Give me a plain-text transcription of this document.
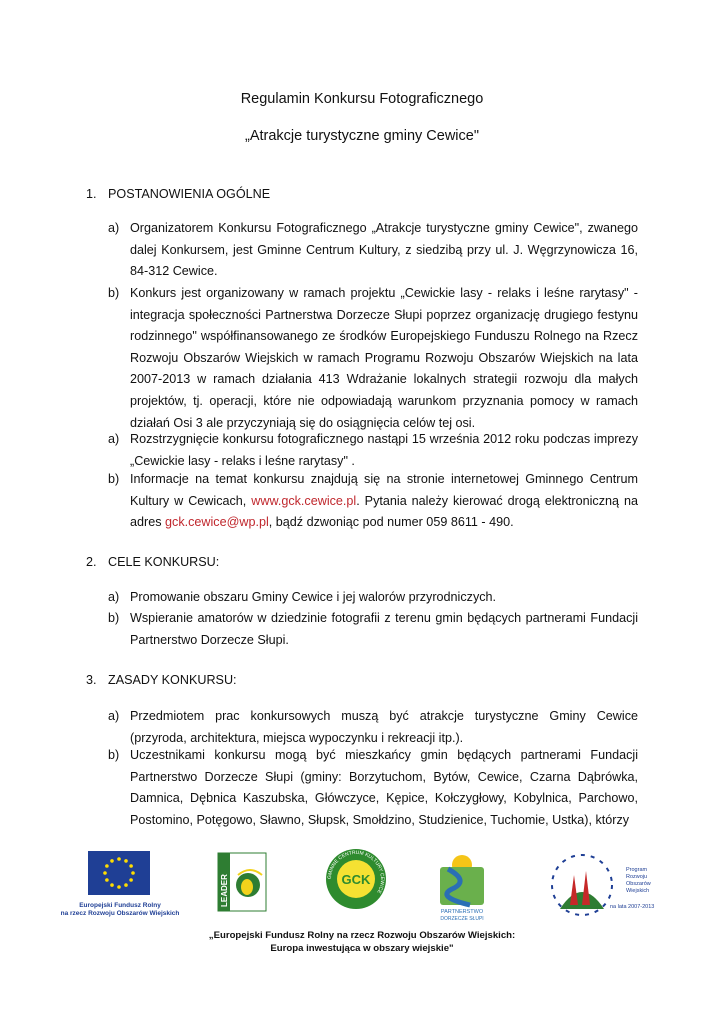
Regulamin Konkursu Fotograficznego
„Atrakcje turystyczne gminy Cewice"
1. POSTANOWIENIA OGÓLNE
a) Organizatorem Konkursu Fotograficznego „Atrakcje turystyczne gminy Cewice", zwanego dalej Konkursem, jest Gminne Centrum Kultury, z siedzibą przy ul. J. Węgrzynowicza 16, 84-312 Cewice.
b) Konkurs jest organizowany w ramach projektu „Cewickie lasy - relaks i leśne rarytasy" - integracja społeczności Partnerstwa Dorzecze Słupi poprzez organizację drugiego festynu rodzinnego" współfinansowanego ze środków Europejskiego Funduszu Rolnego na Rzecz Rozwoju Obszarów Wiejskich w ramach Programu Rozwoju Obszarów Wiejskich na lata 2007-2013 w ramach działania 413 Wdrażanie lokalnych strategii rozwoju dla małych projektów, tj. operacji, które nie odpowiadają warunkom przyznania pomocy w ramach działań Osi 3 ale przyczyniają się do osiągnięcia celów tej osi.
a) Rozstrzygnięcie konkursu fotograficznego nastąpi 15 września 2012 roku podczas imprezy „Cewickie lasy - relaks i leśne rarytasy" .
b) Informacje na temat konkursu znajdują się na stronie internetowej Gminnego Centrum Kultury w Cewicach, www.gck.cewice.pl. Pytania należy kierować drogą elektroniczną na adres gck.cewice@wp.pl, bądź dzwoniąc pod numer 059 8611 - 490.
2. CELE KONKURSU:
a) Promowanie obszaru Gminy Cewice i jej walorów przyrodniczych.
b) Wspieranie amatorów w dziedzinie fotografii z terenu gmin będących partnerami Fundacji Partnerstwo Dorzecze Słupi.
3. ZASADY KONKURSU:
a) Przedmiotem prac konkursowych muszą być atrakcje turystyczne Gminy Cewice (przyroda, architektura, miejsca wypoczynku i rekreacji itp.).
b) Uczestnikami konkursu mogą być mieszkańcy gmin będących partnerami Fundacji Partnerstwo Dorzecze Słupi (gminy: Borzytuchom, Bytów, Cewice, Czarna Dąbrówka, Damnica, Dębnica Kaszubska, Główczyce, Kępice, Kołczygłowy, Kobylnica, Parchowo, Postomino, Potęgowo, Sławno, Słupsk, Smołdzino, Studzienice, Tuchomie, Ustka), którzy
Europejski Fundusz Rolny
na rzecz Rozwoju Obszarów Wiejskich
LEADER	GCK
GMINNE CENTRUM KULTURY CEWICE
PARTNERSTWO
DORZECZE SŁUPI
Program
Rozwoju
Obszarów
Wiejskich
na lata 2007-2013
„Europejski Fundusz Rolny na rzecz Rozwoju Obszarów Wiejskich:
Europa inwestująca w obszary wiejskie"
